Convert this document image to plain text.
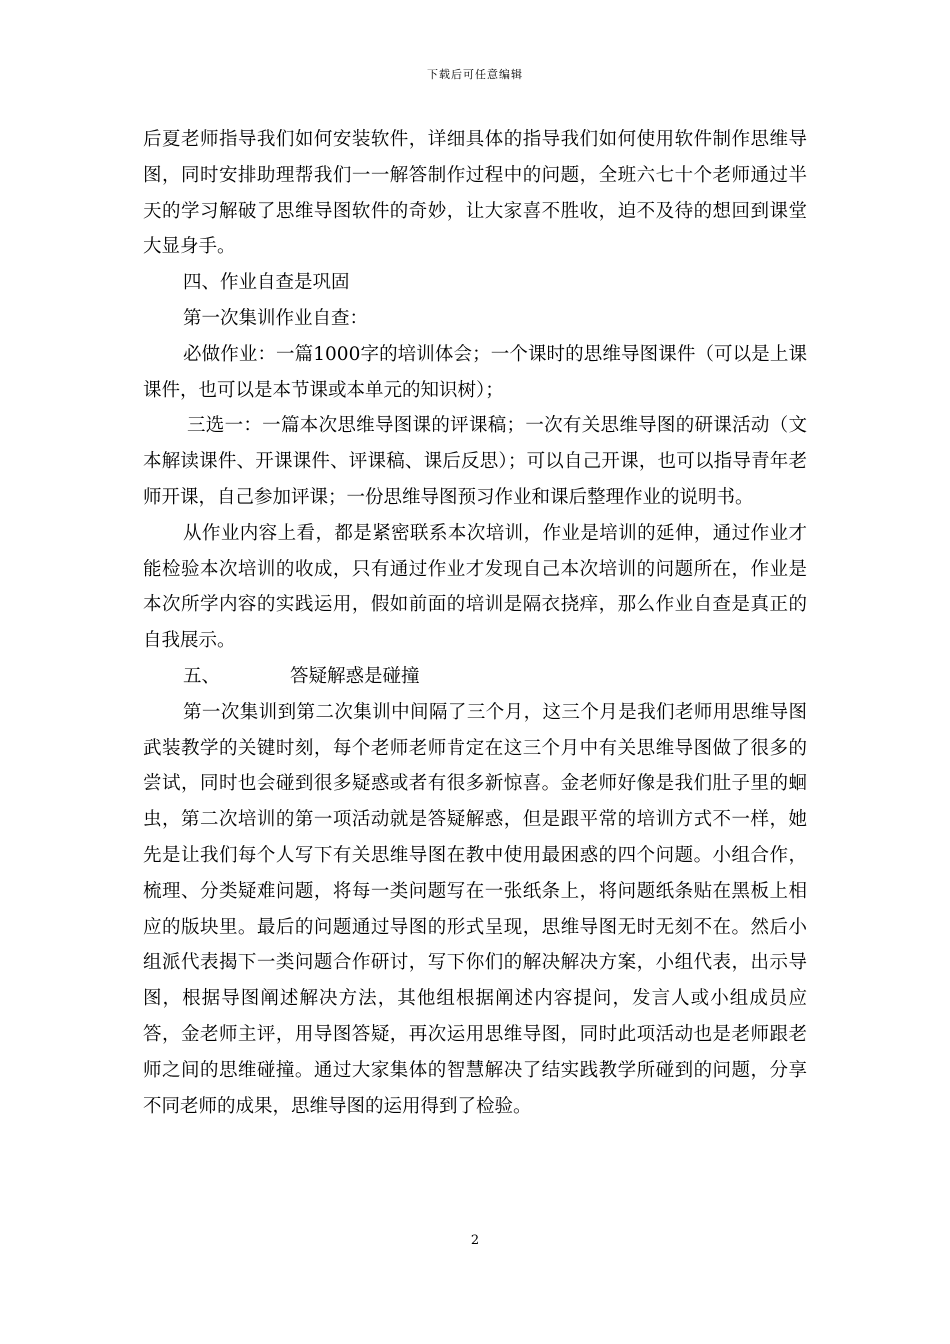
下载后可任意编辑

后夏老师指导我们如何安装软件，详细具体的指导我们如何使用软件制作思维导图，同时安排助理帮我们一一解答制作过程中的问题，全班六七十个老师通过半天的学习解破了思维导图软件的奇妙，让大家喜不胜收，迫不及待的想回到课堂大显身手。

四、作业自查是巩固

第一次集训作业自查：

必做作业：一篇1000字的培训体会；一个课时的思维导图课件（可以是上课课件，也可以是本节课或本单元的知识树）；

三选一：一篇本次思维导图课的评课稿；一次有关思维导图的研课活动（文本解读课件、开课课件、评课稿、课后反思）；可以自己开课，也可以指导青年老师开课，自己参加评课；一份思维导图预习作业和课后整理作业的说明书。

从作业内容上看，都是紧密联系本次培训，作业是培训的延伸，通过作业才能检验本次培训的收成，只有通过作业才发现自己本次培训的问题所在，作业是本次所学内容的实践运用，假如前面的培训是隔衣挠痒，那么作业自查是真正的自我展示。

五、	答疑解惑是碰撞

第一次集训到第二次集训中间隔了三个月，这三个月是我们老师用思维导图武装教学的关键时刻，每个老师老师肯定在这三个月中有关思维导图做了很多的尝试，同时也会碰到很多疑惑或者有很多新惊喜。金老师好像是我们肚子里的蛔虫，第二次培训的第一项活动就是答疑解惑，但是跟平常的培训方式不一样，她先是让我们每个人写下有关思维导图在教中使用最困惑的四个问题。小组合作，梳理、分类疑难问题，将每一类问题写在一张纸条上，将问题纸条贴在黑板上相应的版块里。最后的问题通过导图的形式呈现，思维导图无时无刻不在。然后小组派代表揭下一类问题合作研讨，写下你们的解决解决方案，小组代表，出示导图，根据导图阐述解决方法，其他组根据阐述内容提问，发言人或小组成员应答，金老师主评，用导图答疑，再次运用思维导图，同时此项活动也是老师跟老师之间的思维碰撞。通过大家集体的智慧解决了结实践教学所碰到的问题，分享不同老师的成果，思维导图的运用得到了检验。

2
